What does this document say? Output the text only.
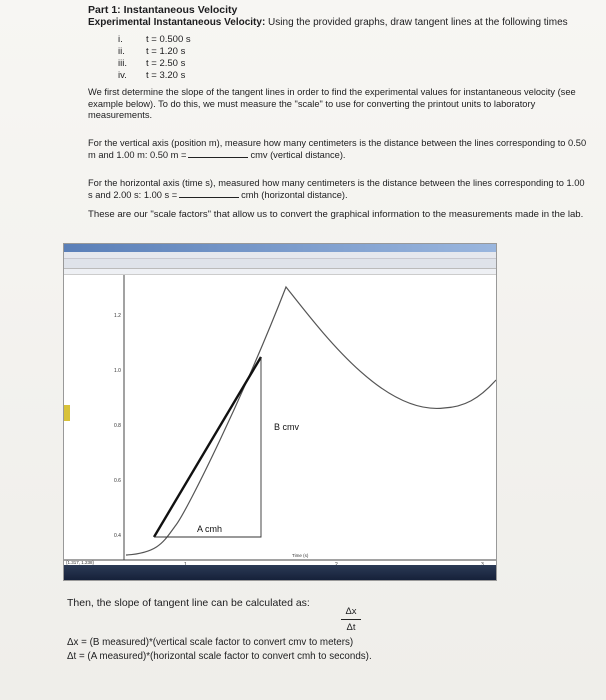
Part 1: Instantaneous Velocity
Experimental Instantaneous Velocity: Using the provided graphs, draw tangent lines at the following times
i.	t = 0.500 s
ii.	t = 1.20 s
iii.	t = 2.50 s
iv.	t = 3.20 s
We first determine the slope of the tangent lines in order to find the experimental values for instantaneous velocity (see example below). To do this, we must measure the "scale" to use for converting the printout units to laboratory measurements.
For the vertical axis (position m), measure how many centimeters is the distance between the lines corresponding to 0.50 m and 1.00 m: 0.50 m =	cmv (vertical distance).
For the horizontal axis (time s), measured how many centimeters is the distance between the lines corresponding to 1.00 s and 2.00 s: 1.00 s =	cmh (horizontal distance).
These are our "scale factors" that allow us to convert the graphical information to the measurements made in the lab.
1.2
1.0
0.8
0.6
0.4
B cmv
A cmh
Time (s)
(1.317, 1.238)
Then, the slope of tangent line can be calculated as:
Δx
Δt
Δx = (B measured)*(vertical scale factor to convert cmv to meters)
Δt = (A measured)*(horizontal scale factor to convert cmh to seconds).
